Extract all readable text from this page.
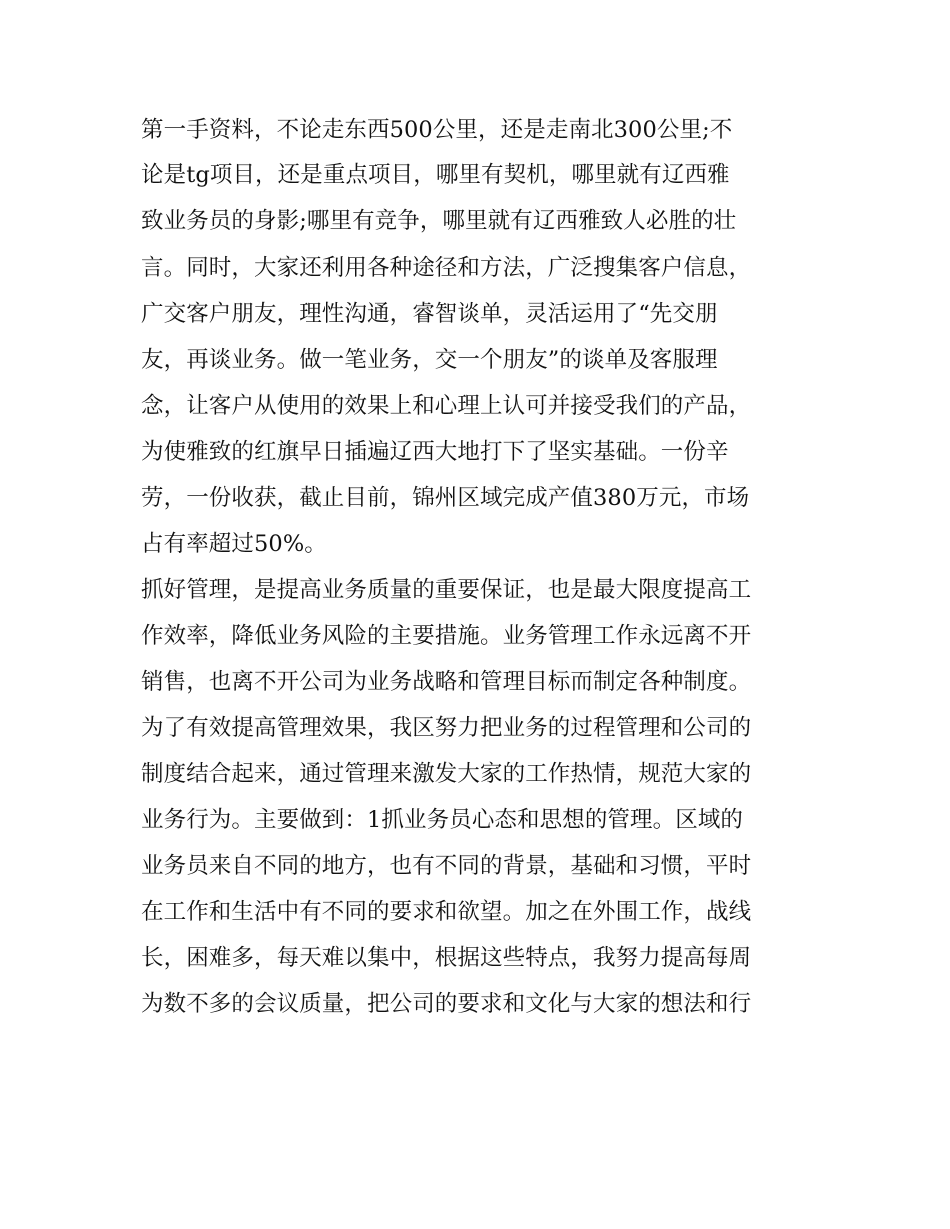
第一手资料，不论走东西500公里，还是走南北300公里;不
论是tg项目，还是重点项目，哪里有契机，哪里就有辽西雅
致业务员的身影;哪里有竞争，哪里就有辽西雅致人必胜的壮
言。同时，大家还利用各种途径和方法，广泛搜集客户信息，
广交客户朋友，理性沟通，睿智谈单，灵活运用了“先交朋
友，再谈业务。做一笔业务，交一个朋友”的谈单及客服理
念，让客户从使用的效果上和心理上认可并接受我们的产品，
为使雅致的红旗早日插遍辽西大地打下了坚实基础。一份辛
劳，一份收获，截止目前，锦州区域完成产值380万元，市场
占有率超过50%。
抓好管理，是提高业务质量的重要保证，也是最大限度提高工
作效率，降低业务风险的主要措施。业务管理工作永远离不开
销售，也离不开公司为业务战略和管理目标而制定各种制度。
为了有效提高管理效果，我区努力把业务的过程管理和公司的
制度结合起来，通过管理来激发大家的工作热情，规范大家的
业务行为。主要做到：1抓业务员心态和思想的管理。区域的
业务员来自不同的地方，也有不同的背景，基础和习惯，平时
在工作和生活中有不同的要求和欲望。加之在外围工作，战线
长，困难多，每天难以集中，根据这些特点，我努力提高每周
为数不多的会议质量，把公司的要求和文化与大家的想法和行
